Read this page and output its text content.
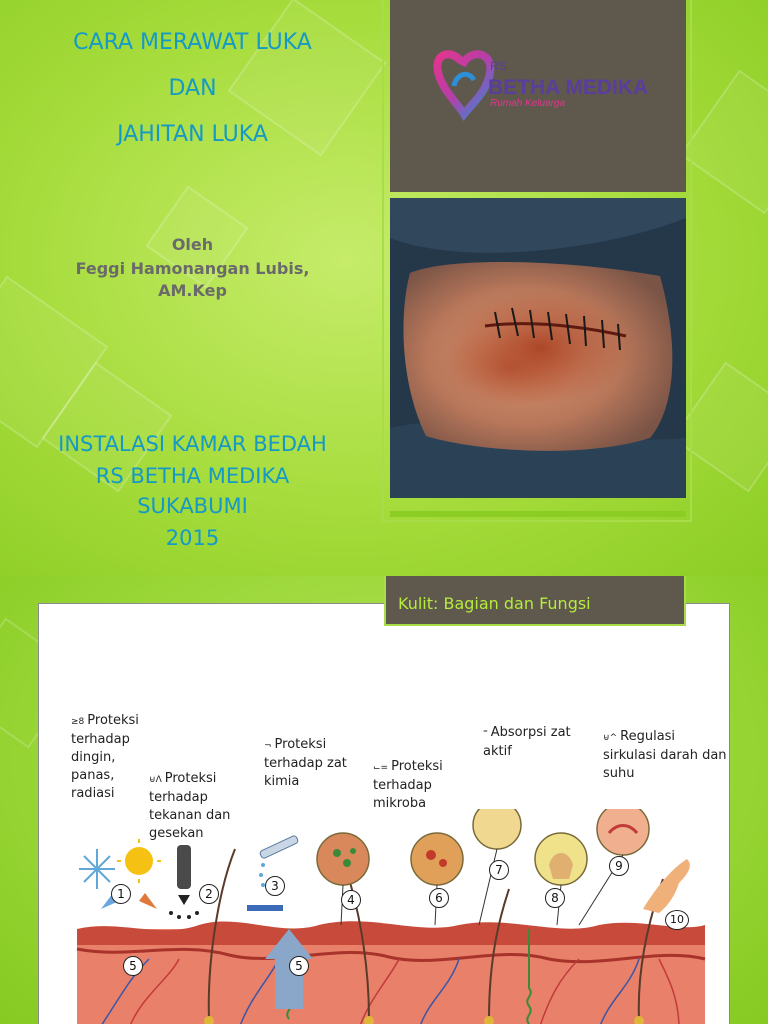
CARA MERAWAT LUKA
DAN
JAHITAN LUKA
Oleh
Feggi Hamonangan Lubis,
AM.Kep
INSTALASI KAMAR BEDAH
RS BETHA MEDIKA
SUKABUMI
2015
RS
BETHA MEDIKA
Rumah Keluarga
≥8 Proteksi
terhadap
dingin,
panas,
radiasi
⊌Λ Proteksi
terhadap
tekanan dan
gesekan
¬ Proteksi
terhadap zat
kimia
⌙= Proteksi
terhadap
mikroba
⁼ Absorpsi zat
aktif
⊌^ Regulasi
sirkulasi darah dan
suhu
1	2
3
4
5	5
6
7
8
9
10
Kulit: Bagian dan Fungsi
